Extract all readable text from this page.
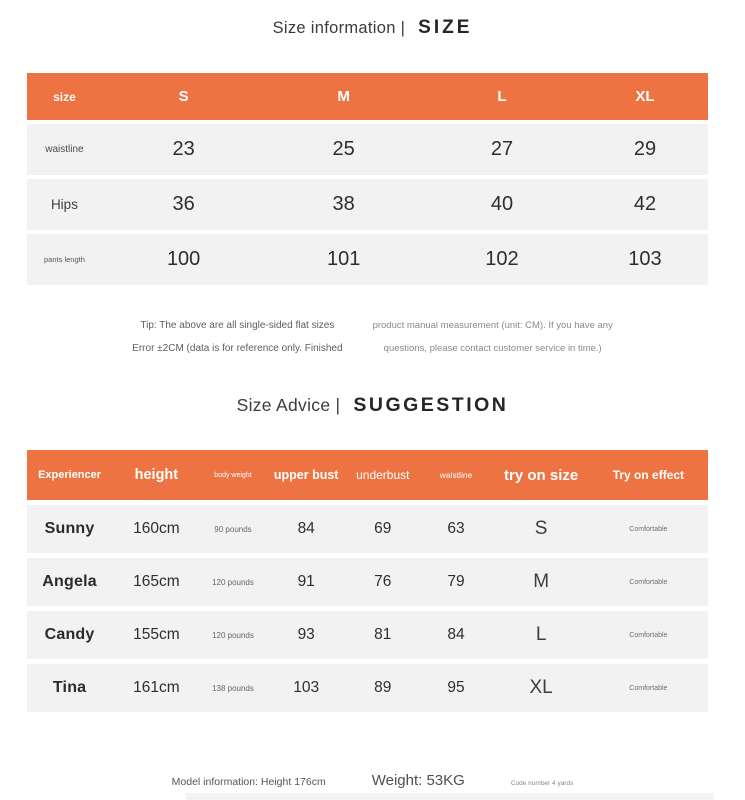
Size information | SIZE
size	S	M	L	XL
waistline	23	25	27	29
Hips	36	38	40	42
pants length	100	101	102	103
Tip: The above are all single-sided flat sizes
Error ±2CM (data is for reference only. Finished
product manual measurement (unit: CM). If you have any
questions, please contact customer service in time.)
Size Advice | SUGGESTION
Experiencer	height	body weight	upper bust	underbust	waistline	try on size	Try on effect
Sunny	160cm	90 pounds	84	69	63	S	Comfortable
Angela	165cm	120 pounds	91	76	79	M	Comfortable
Candy	155cm	120 pounds	93	81	84	L	Comfortable
Tina	161cm	138 pounds	103	89	95	XL	Comfortable
Model information: Height 176cm	Weight: 53KG	Code number 4 yards
